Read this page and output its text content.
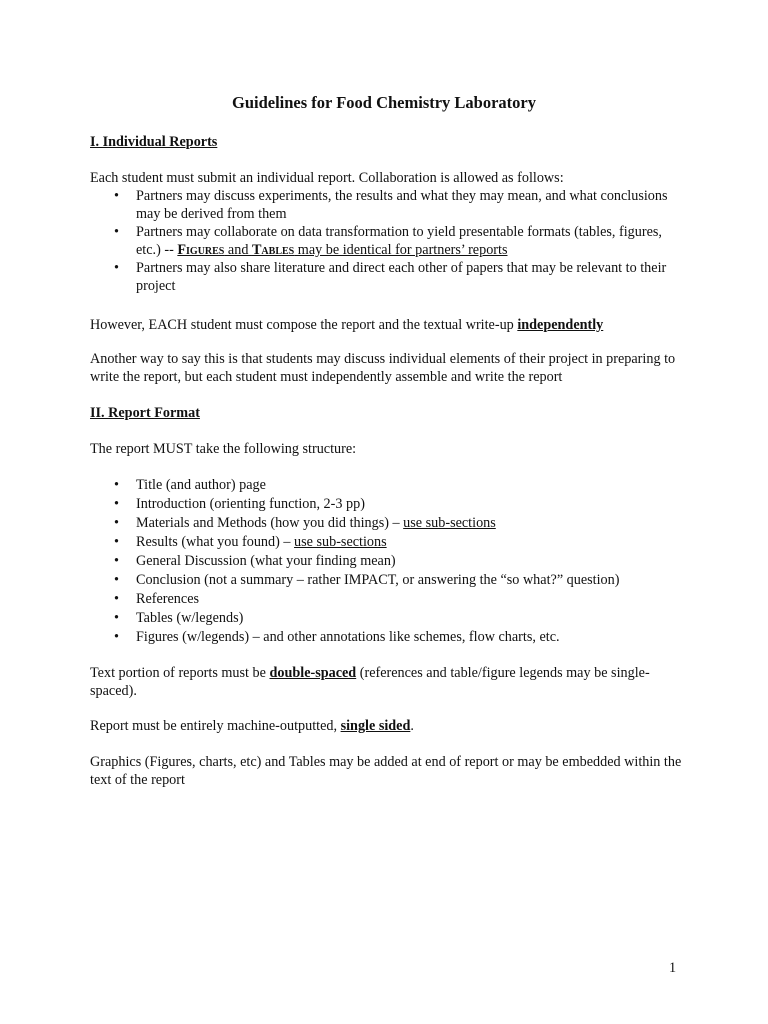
Guidelines for Food Chemistry Laboratory
I. Individual Reports

Each student must submit an individual report. Collaboration is allowed as follows:

• Partners may discuss experiments, the results and what they may mean, and what conclusions may be derived from them
• Partners may collaborate on data transformation to yield presentable formats (tables, figures, etc.) -- Figures and Tables may be identical for partners’ reports
• Partners may also share literature and direct each other of papers that may be relevant to their project

However, EACH student must compose the report and the textual write-up independently

Another way to say this is that students may discuss individual elements of their project in preparing to write the report, but each student must independently assemble and write the report

II. Report Format

The report MUST take the following structure:

• Title (and author) page
• Introduction (orienting function, 2-3 pp)
• Materials and Methods (how you did things) – use sub-sections
• Results (what you found) – use sub-sections
• General Discussion (what your finding mean)
• Conclusion (not a summary – rather IMPACT, or answering the “so what?” question)
• References
• Tables (w/legends)
• Figures (w/legends) – and other annotations like schemes, flow charts, etc.

Text portion of reports must be double-spaced (references and table/figure legends may be single-spaced).

Report must be entirely machine-outputted, single sided.

Graphics (Figures, charts, etc) and Tables may be added at end of report or may be embedded within the text of the report

1
